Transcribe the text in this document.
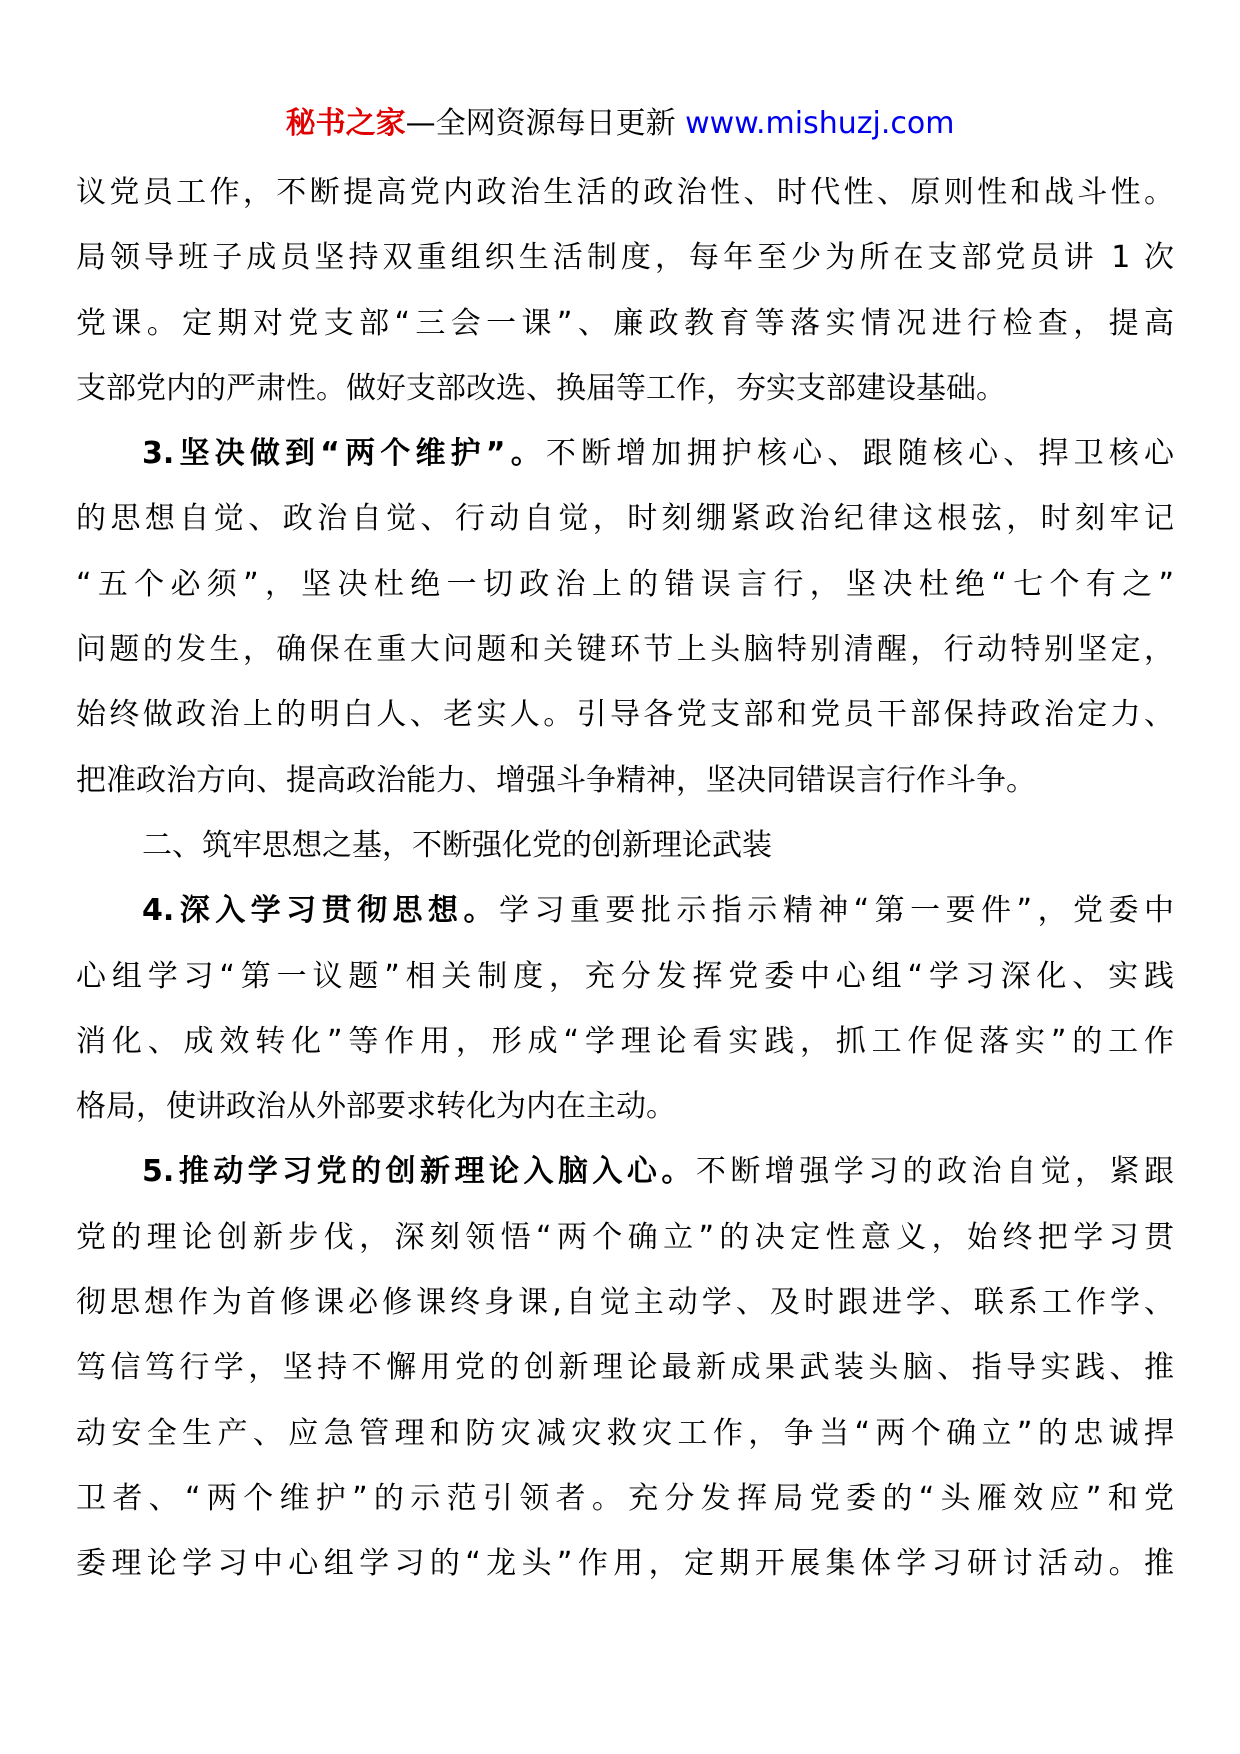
秘书之家—全网资源每日更新 www.mishuzj.com
议党员工作，不断提高党内政治生活的政治性、时代性、原则性和战斗性。
局领导班子成员坚持双重组织生活制度，每年至少为所在支部党员讲 1 次
党课。定期对党支部“三会一课”、廉政教育等落实情况进行检查，提高
支部党内的严肃性。做好支部改选、换届等工作，夯实支部建设基础。
3.坚决做到“两个维护”。不断增加拥护核心、跟随核心、捍卫核心
的思想自觉、政治自觉、行动自觉，时刻绷紧政治纪律这根弦，时刻牢记
“五个必须”，坚决杜绝一切政治上的错误言行，坚决杜绝“七个有之”
问题的发生，确保在重大问题和关键环节上头脑特别清醒，行动特别坚定，
始终做政治上的明白人、老实人。引导各党支部和党员干部保持政治定力、
把准政治方向、提高政治能力、增强斗争精神，坚决同错误言行作斗争。
二、筑牢思想之基，不断强化党的创新理论武装
4.深入学习贯彻思想。学习重要批示指示精神“第一要件”，党委中
心组学习“第一议题”相关制度，充分发挥党委中心组“学习深化、实践
消化、成效转化”等作用，形成“学理论看实践，抓工作促落实”的工作
格局，使讲政治从外部要求转化为内在主动。
5.推动学习党的创新理论入脑入心。不断增强学习的政治自觉，紧跟
党的理论创新步伐，深刻领悟“两个确立”的决定性意义，始终把学习贯
彻思想作为首修课必修课终身课,自觉主动学、及时跟进学、联系工作学、
笃信笃行学，坚持不懈用党的创新理论最新成果武装头脑、指导实践、推
动安全生产、应急管理和防灾减灾救灾工作，争当“两个确立”的忠诚捍
卫者、“两个维护”的示范引领者。充分发挥局党委的“头雁效应”和党
委理论学习中心组学习的“龙头”作用，定期开展集体学习研讨活动。推
